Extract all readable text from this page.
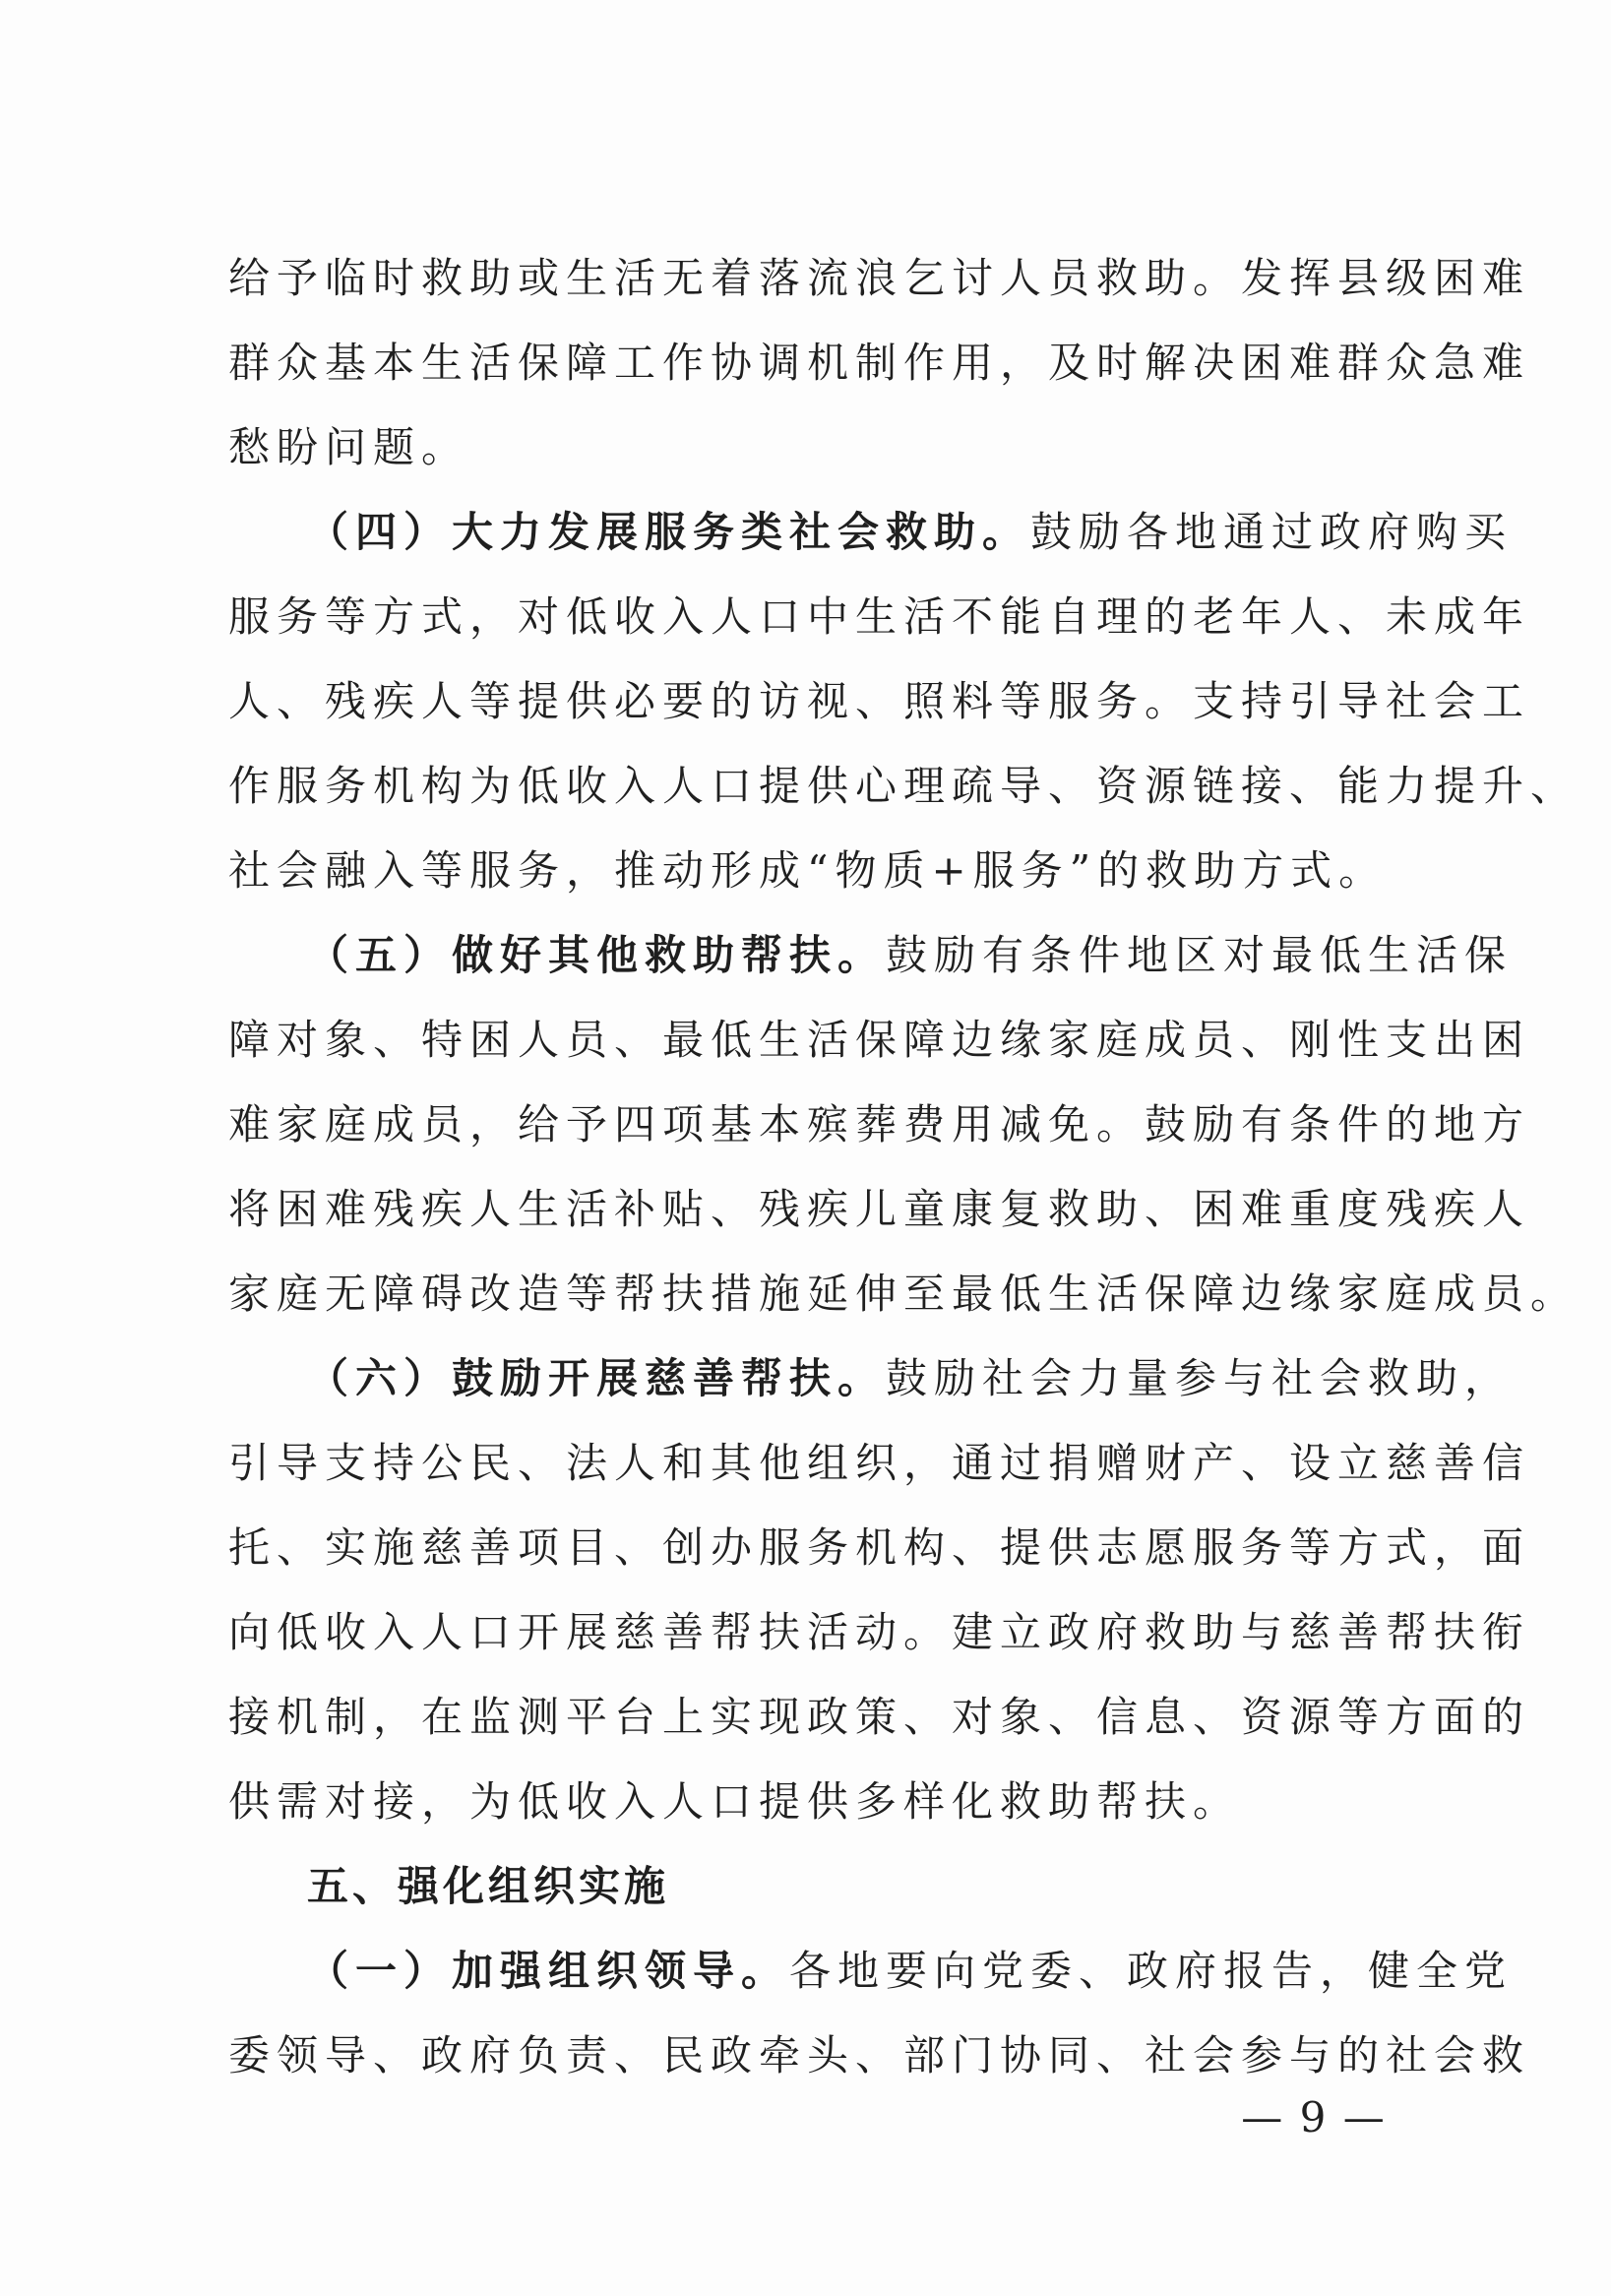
给予临时救助或生活无着落流浪乞讨人员救助。发挥县级困难
群众基本生活保障工作协调机制作用，及时解决困难群众急难
愁盼问题。
（四）大力发展服务类社会救助。鼓励各地通过政府购买
服务等方式，对低收入人口中生活不能自理的老年人、未成年
人、残疾人等提供必要的访视、照料等服务。支持引导社会工
作服务机构为低收入人口提供心理疏导、资源链接、能力提升、
社会融入等服务，推动形成“物质+服务”的救助方式。
（五）做好其他救助帮扶。鼓励有条件地区对最低生活保
障对象、特困人员、最低生活保障边缘家庭成员、刚性支出困
难家庭成员，给予四项基本殡葬费用减免。鼓励有条件的地方
将困难残疾人生活补贴、残疾儿童康复救助、困难重度残疾人
家庭无障碍改造等帮扶措施延伸至最低生活保障边缘家庭成员。
（六）鼓励开展慈善帮扶。鼓励社会力量参与社会救助，
引导支持公民、法人和其他组织，通过捐赠财产、设立慈善信
托、实施慈善项目、创办服务机构、提供志愿服务等方式，面
向低收入人口开展慈善帮扶活动。建立政府救助与慈善帮扶衔
接机制，在监测平台上实现政策、对象、信息、资源等方面的
供需对接，为低收入人口提供多样化救助帮扶。
五、强化组织实施
（一）加强组织领导。各地要向党委、政府报告，健全党
委领导、政府负责、民政牵头、部门协同、社会参与的社会救
— 9 —
